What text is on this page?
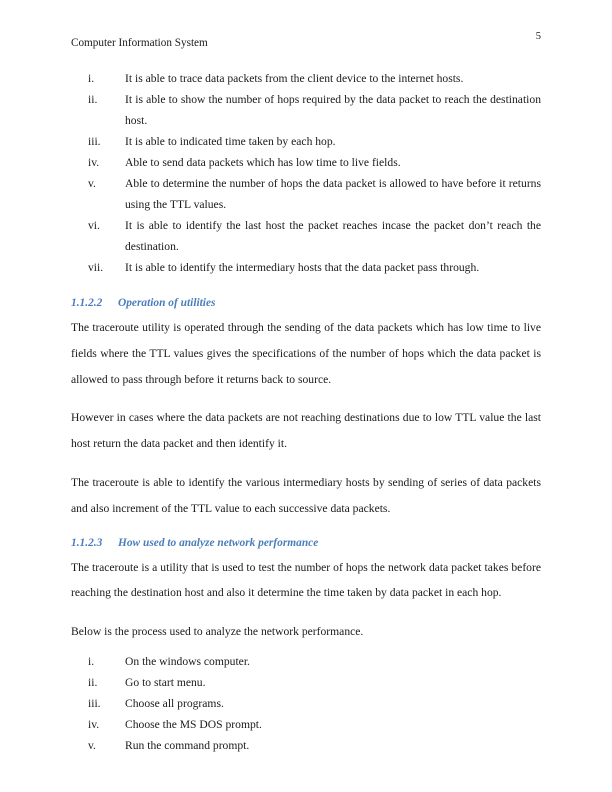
Computer Information System
5
i.	It is able to trace data packets from the client device to the internet hosts.
ii.	It is able to show the number of hops required by the data packet to reach the destination host.
iii.	It is able to indicated time taken by each hop.
iv.	Able to send data packets which has low time to live fields.
v.	Able to determine the number of hops the data packet is allowed to have before it returns using the TTL values.
vi.	It is able to identify the last host the packet reaches incase the packet don’t reach the destination.
vii.	It is able to identify the intermediary hosts that the data packet pass through.
1.1.2.2 Operation of utilities

The traceroute utility is operated through the sending of the data packets which has low time to live fields where the TTL values gives the specifications of the number of hops which the data packet is allowed to pass through before it returns back to source.

However in cases where the data packets are not reaching destinations due to low TTL value the last host return the data packet and then identify it.

The traceroute is able to identify the various intermediary hosts by sending of series of data packets and also increment of the TTL value to each successive data packets.

1.1.2.3 How used to analyze network performance

The traceroute is a utility that is used to test the number of hops the network data packet takes before reaching the destination host and also it determine the time taken by data packet in each hop.

Below is the process used to analyze the network performance.

i.	On the windows computer.
ii.	Go to start menu.
iii.	Choose all programs.
iv.	Choose the MS DOS prompt.
v.	Run the command prompt.
